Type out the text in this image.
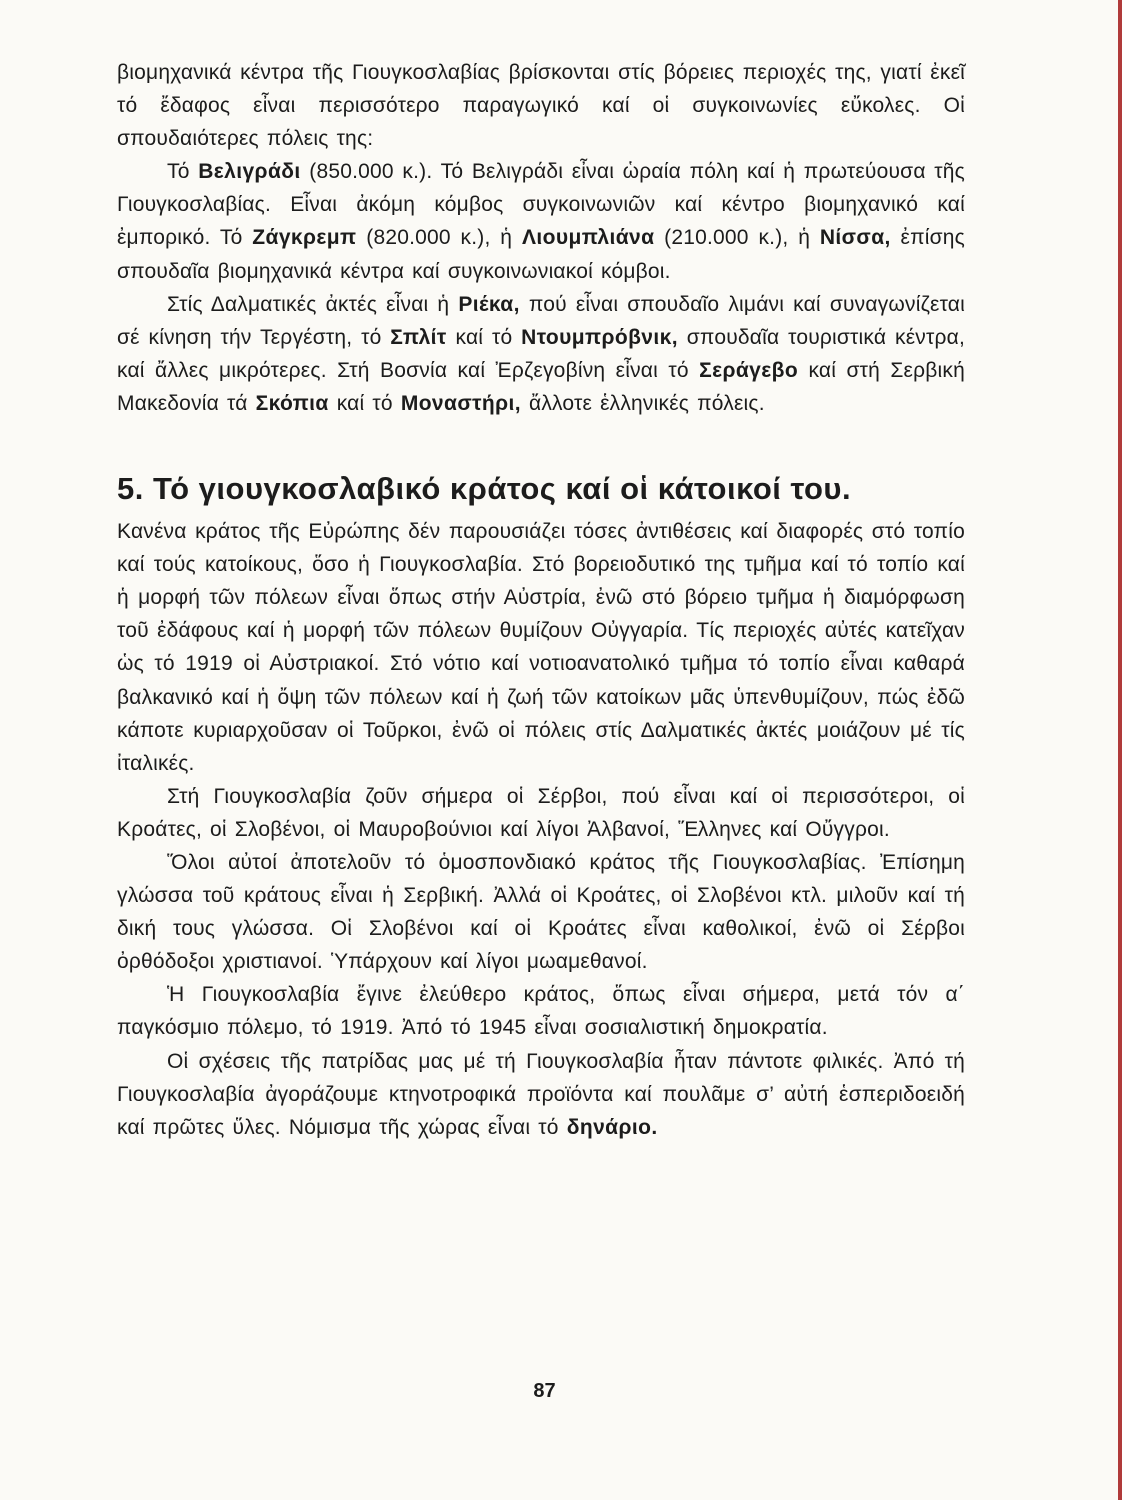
βιομηχανικά κέντρα τῆς Γιουγκοσλαβίας βρίσκονται στίς βόρειες περιοχές της, γιατί ἐκεῖ τό ἔδαφος εἶναι περισσότερο παραγωγικό καί οἱ συγκοινωνίες εὔκολες. Οἱ σπουδαιότερες πόλεις της:

Τό Βελιγράδι (850.000 κ.). Τό Βελιγράδι εἶναι ὡραία πόλη καί ἡ πρωτεύουσα τῆς Γιουγκοσλαβίας. Εἶναι ἀκόμη κόμβος συγκοινωνιῶν καί κέντρο βιομηχανικό καί ἐμπορικό. Τό Ζάγκρεμπ (820.000 κ.), ἡ Λιουμπλιάνα (210.000 κ.), ἡ Νίσσα, ἐπίσης σπουδαῖα βιομηχανικά κέντρα καί συγκοινωνιακοί κόμβοι.

Στίς Δαλματικές ἀκτές εἶναι ἡ Ριέκα, πού εἶναι σπουδαῖο λιμάνι καί συναγωνίζεται σέ κίνηση τήν Τεργέστη, τό Σπλίτ καί τό Ντουμπρόβνικ, σπουδαῖα τουριστικά κέντρα, καί ἄλλες μικρότερες. Στή Βοσνία καί Ἐρζεγοβίνη εἶναι τό Σεράγεβο καί στή Σερβική Μακεδονία τά Σκόπια καί τό Μοναστήρι, ἄλλοτε ἑλληνικές πόλεις.

5. Τό γιουγκοσλαβικό κράτος καί οἱ κάτοικοί του.

Κανένα κράτος τῆς Εὐρώπης δέν παρουσιάζει τόσες ἀντιθέσεις καί διαφορές στό τοπίο καί τούς κατοίκους, ὅσο ἡ Γιουγκοσλαβία. Στό βορειοδυτικό της τμῆμα καί τό τοπίο καί ἡ μορφή τῶν πόλεων εἶναι ὅπως στήν Αὐστρία, ἐνῶ στό βόρειο τμῆμα ἡ διαμόρφωση τοῦ ἐδάφους καί ἡ μορφή τῶν πόλεων θυμίζουν Οὐγγαρία. Τίς περιοχές αὐτές κατεῖχαν ὡς τό 1919 οἱ Αὐστριακοί. Στό νότιο καί νοτιοανατολικό τμῆμα τό τοπίο εἶναι καθαρά βαλκανικό καί ἡ ὄψη τῶν πόλεων καί ἡ ζωή τῶν κατοίκων μᾶς ὑπενθυμίζουν, πώς ἐδῶ κάποτε κυριαρχοῦσαν οἱ Τοῦρκοι, ἐνῶ οἱ πόλεις στίς Δαλματικές ἀκτές μοιάζουν μέ τίς ἰταλικές.

Στή Γιουγκοσλαβία ζοῦν σήμερα οἱ Σέρβοι, πού εἶναι καί οἱ περισσότεροι, οἱ Κροάτες, οἱ Σλοβένοι, οἱ Μαυροβούνιοι καί λίγοι Ἀλβανοί, Ἕλληνες καί Οὔγγροι.

Ὅλοι αὐτοί ἀποτελοῦν τό ὁμοσπονδιακό κράτος τῆς Γιουγκοσλαβίας. Ἐπίσημη γλώσσα τοῦ κράτους εἶναι ἡ Σερβική. Ἀλλά οἱ Κροάτες, οἱ Σλοβένοι κτλ. μιλοῦν καί τή δική τους γλώσσα. Οἱ Σλοβένοι καί οἱ Κροάτες εἶναι καθολικοί, ἐνῶ οἱ Σέρβοι ὀρθόδοξοι χριστιανοί. Ὑπάρχουν καί λίγοι μωαμεθανοί.

Ἡ Γιουγκοσλαβία ἔγινε ἐλεύθερο κράτος, ὅπως εἶναι σήμερα, μετά τόν α΄ παγκόσμιο πόλεμο, τό 1919. Ἀπό τό 1945 εἶναι σοσιαλιστική δημοκρατία.

Οἱ σχέσεις τῆς πατρίδας μας μέ τή Γιουγκοσλαβία ἦταν πάντοτε φιλικές. Ἀπό τή Γιουγκοσλαβία ἀγοράζουμε κτηνοτροφικά προϊόντα καί πουλᾶμε σ’ αὐτή ἑσπεριδοειδή καί πρῶτες ὕλες. Νόμισμα τῆς χώρας εἶναι τό δηνάριο.

87
